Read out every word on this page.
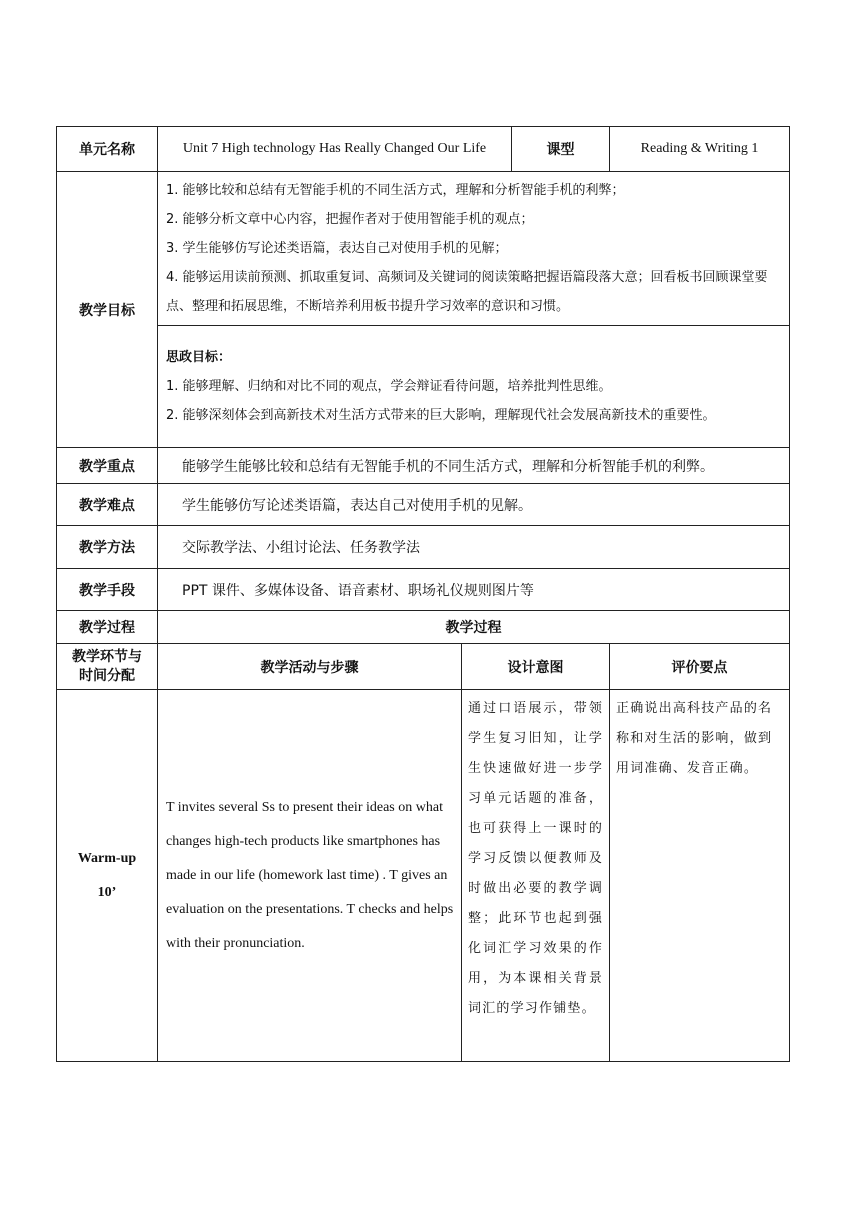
单元名称	Unit 7 High technology Has Really Changed Our Life		课型	Reading & Writing 1
教学目标	1. 能够比较和总结有无智能手机的不同生活方式，理解和分析智能手机的利弊；

2. 能够分析文章中心内容，把握作者对于使用智能手机的观点；

3. 学生能够仿写论述类语篇，表达自己对使用手机的见解；

4. 能够运用读前预测、抓取重复词、高频词及关键词的阅读策略把握语篇段落大意；回看板书回顾课堂要点、整理和拓展思维，不断培养利用板书提升学习效率的意识和习惯。			

	思政目标：
1. 能够理解、归纳和对比不同的观点，学会辩证看待问题，培养批判性思维。
2. 能够深刻体会到高新技术对生活方式带来的巨大影响，理解现代社会发展高新技术的重要性。			

教学重点	能够学生能够比较和总结有无智能手机的不同生活方式，理解和分析智能手机的利弊。			
教学难点	学生能够仿写论述类语篇，表达自己对使用手机的见解。			
教学方法	交际教学法、小组讨论法、任务教学法			
教学手段	PPT 课件、多媒体设备、语音素材、职场礼仪规则图片等			
教学过程	教学过程			
教学环节与时间分配	教学活动与步骤	设计意图		评价要点

Warm-up
10’	T invites several Ss to present their ideas on what changes high-tech products like smartphones has made in our life (homework last time) . T gives an evaluation on the presentations. T checks and helps with their pronunciation.	通过口语展示，带领学生复习旧知，让学生快速做好进一步学习单元话题的准备，也可获得上一课时的学习反馈以便教师及时做出必要的教学调整；此环节也起到强化词汇学习效果的作用，为本课相关背景词汇的学习作铺垫。		正确说出高科技产品的名称和对生活的影响，做到用词准确、发音正确。
